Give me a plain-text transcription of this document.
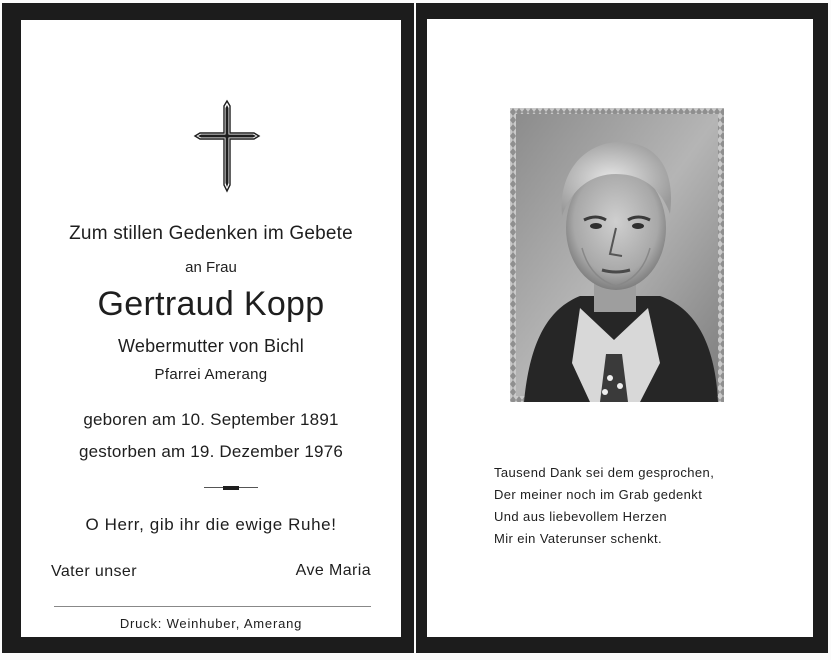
Zum stillen Gedenken im Gebete
an Frau
Gertraud Kopp
Webermutter von Bichl
Pfarrei Amerang
geboren am 10. September 1891
gestorben am 19. Dezember 1976
O Herr, gib ihr die ewige Ruhe!
Vater unser	Ave Maria
Druck: Weinhuber, Amerang
Tausend Dank sei dem gesprochen,
Der meiner noch im Grab gedenkt
Und aus liebevollem Herzen
Mir ein Vaterunser schenkt.
